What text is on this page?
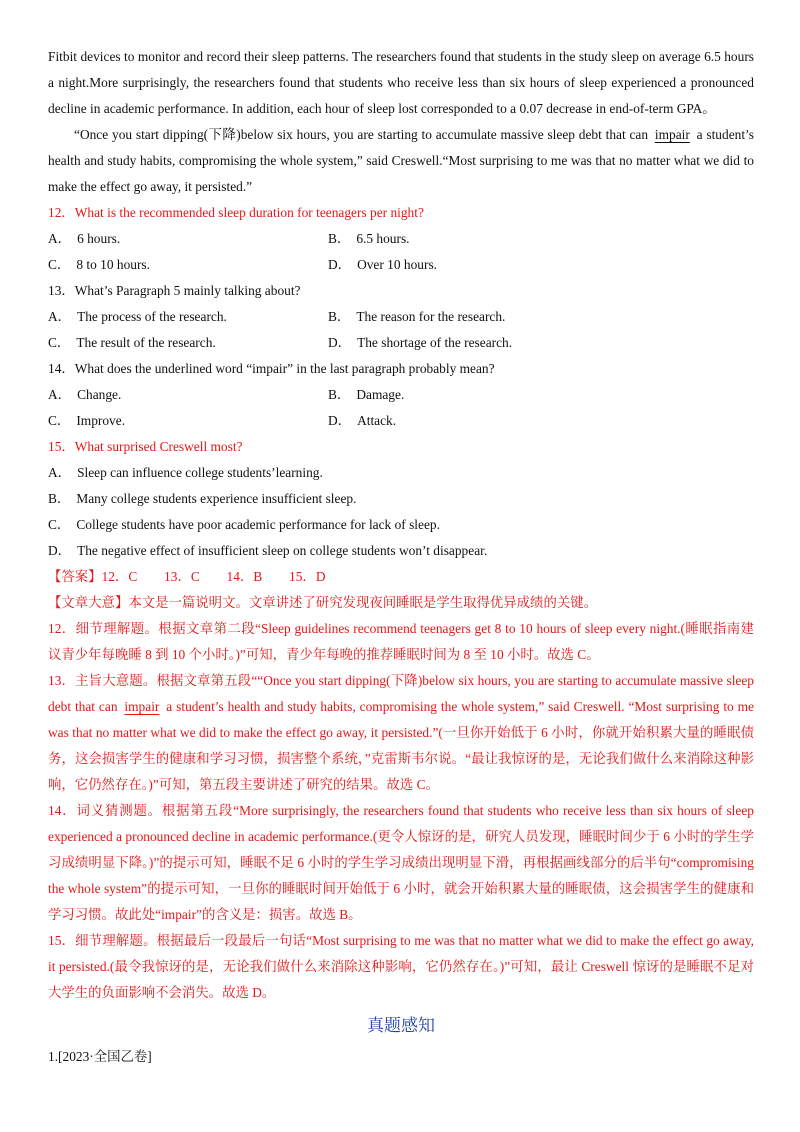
Fitbit devices to monitor and record their sleep patterns. The researchers found that students in the study sleep on average 6.5 hours a night.More surprisingly, the researchers found that students who receive less than six hours of sleep experienced a pronounced decline in academic performance. In addition, each hour of sleep lost corresponded to a 0.07 decrease in end-of-term GPA。

“Once you start dipping(下降)below six hours, you are starting to accumulate massive sleep debt that can impair a student’s health and study habits, compromising the whole system,” said Creswell.“Most surprising to me was that no matter what we did to make the effect go away, it persisted.”

12．What is the recommended sleep duration for teenagers per night?

A． 6 hours.	B． 6.5 hours.
C． 8 to 10 hours.	D． Over 10 hours.

13．What’s Paragraph 5 mainly talking about?

A． The process of the research.	B． The reason for the research.
C． The result of the research.	D． The shortage of the research.

14．What does the underlined word “impair” in the last paragraph probably mean?

A． Change.	B． Damage.
C． Improve.	D． Attack.

15．What surprised Creswell most?

A． Sleep can influence college students’learning.
B． Many college students experience insufficient sleep.
C． College students have poor academic performance for lack of sleep.
D． The negative effect of insufficient sleep on college students won’t disappear.

【答案】12．C　　13．C　　14．B　　15．D

【文章大意】本文是一篇说明文。文章讲述了研究发现夜间睡眠是学生取得优异成绩的关键。

12．细节理解题。根据文章第二段“Sleep guidelines recommend teenagers get 8 to 10 hours of sleep every night.(睡眠指南建议青少年每晚睡 8 到 10 个小时。)”可知，青少年每晚的推荐睡眠时间为 8 至 10 小时。故选 C。

13．主旨大意题。根据文章第五段““Once you start dipping(下降)below six hours, you are starting to accumulate massive sleep debt that can impair a student’s health and study habits, compromising the whole system,” said Creswell. “Most surprising to me was that no matter what we did to make the effect go away, it persisted.”(一旦你开始低于 6 小时，你就开始积累大量的睡眠债务，这会损害学生的健康和学习习惯，损害整个系统，”克雷斯韦尔说。“最让我惊讶的是，无论我们做什么来消除这种影响，它仍然存在。)”可知，第五段主要讲述了研究的结果。故选 C。

14．词义猜测题。根据第五段“More surprisingly, the researchers found that students who receive less than six hours of sleep experienced a pronounced decline in academic performance.(更令人惊讶的是，研究人员发现，睡眠时间少于 6 小时的学生学习成绩明显下降。)”的提示可知，睡眠不足 6 小时的学生学习成绩出现明显下滑，再根据画线部分的后半句“compromising the whole system”的提示可知，一旦你的睡眠时间开始低于 6 小时，就会开始积累大量的睡眠债，这会损害学生的健康和学习习惯。故此处“impair”的含义是：损害。故选 B。

15．细节理解题。根据最后一段最后一句话“Most surprising to me was that no matter what we did to make the effect go away, it persisted.(最令我惊讶的是，无论我们做什么来消除这种影响，它仍然存在。)”可知，最让 Creswell 惊讶的是睡眠不足对大学生的负面影响不会消失。故选 D。

真题感知

1.[2023·全国乙卷]
